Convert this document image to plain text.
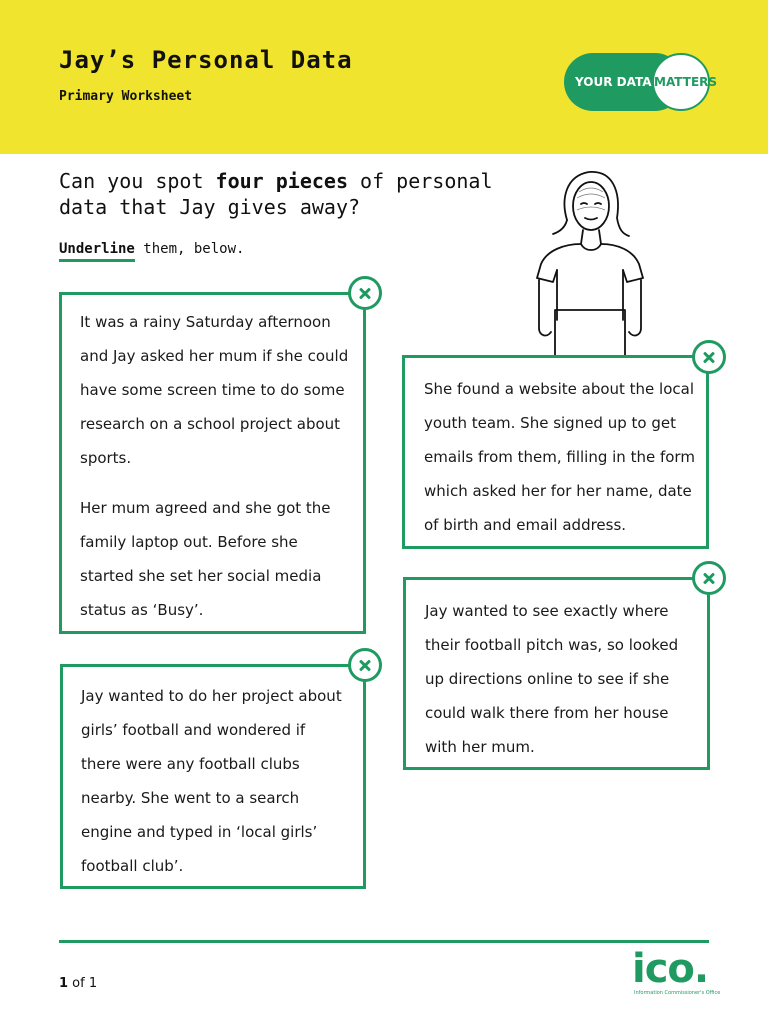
Jay’s Personal Data
Primary Worksheet
YOUR DATA MATTERS
Can you spot four pieces of personal data that Jay gives away?
Underline them, below.

It was a rainy Saturday afternoon and Jay asked her mum if she could have some screen time to do some research on a school project about sports.

Her mum agreed and she got the family laptop out. Before she started she set her social media status as ‘Busy’.

She found a website about the local youth team. She signed up to get emails from them, filling in the form which asked her for her name, date of birth and email address.

Jay wanted to see exactly where their football pitch was, so looked up directions online to see if she could walk there from her house with her mum.

Jay wanted to do her project about girls’ football and wondered if there were any football clubs nearby. She went to a search engine and typed in ‘local girls’ football club’.

1 of 1	ico.
Information Commissioner's Office
